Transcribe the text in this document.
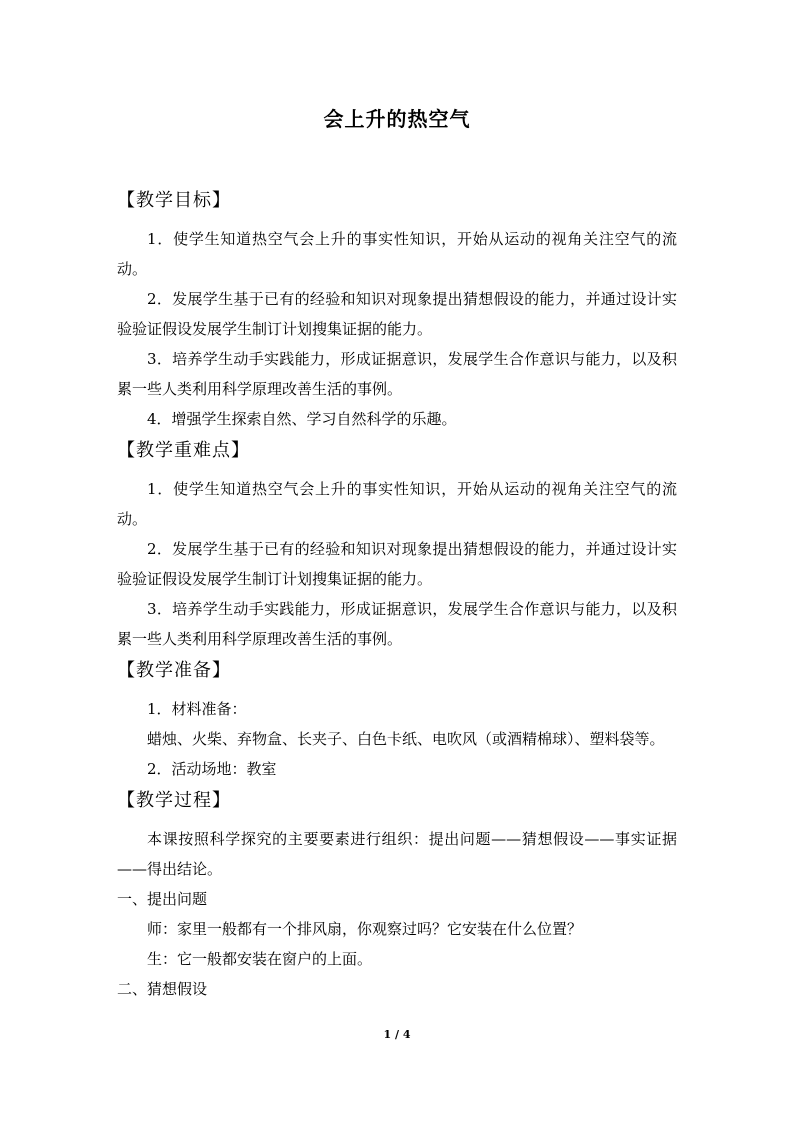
会上升的热空气

【教学目标】

1．使学生知道热空气会上升的事实性知识，开始从运动的视角关注空气的流动。

2．发展学生基于已有的经验和知识对现象提出猜想假设的能力，并通过设计实验验证假设发展学生制订计划搜集证据的能力。

3．培养学生动手实践能力，形成证据意识，发展学生合作意识与能力，以及积累一些人类利用科学原理改善生活的事例。

4．增强学生探索自然、学习自然科学的乐趣。

【教学重难点】

1．使学生知道热空气会上升的事实性知识，开始从运动的视角关注空气的流动。

2．发展学生基于已有的经验和知识对现象提出猜想假设的能力，并通过设计实验验证假设发展学生制订计划搜集证据的能力。

3．培养学生动手实践能力，形成证据意识，发展学生合作意识与能力，以及积累一些人类利用科学原理改善生活的事例。

【教学准备】

1．材料准备：

蜡烛、火柴、弃物盒、长夹子、白色卡纸、电吹风（或酒精棉球）、塑料袋等。

2．活动场地：教室

【教学过程】

本课按照科学探究的主要要素进行组织：提出问题——猜想假设——事实证据——得出结论。

一、提出问题

师：家里一般都有一个排风扇，你观察过吗？它安装在什么位置？

生：它一般都安装在窗户的上面。

二、猜想假设

1 / 4
